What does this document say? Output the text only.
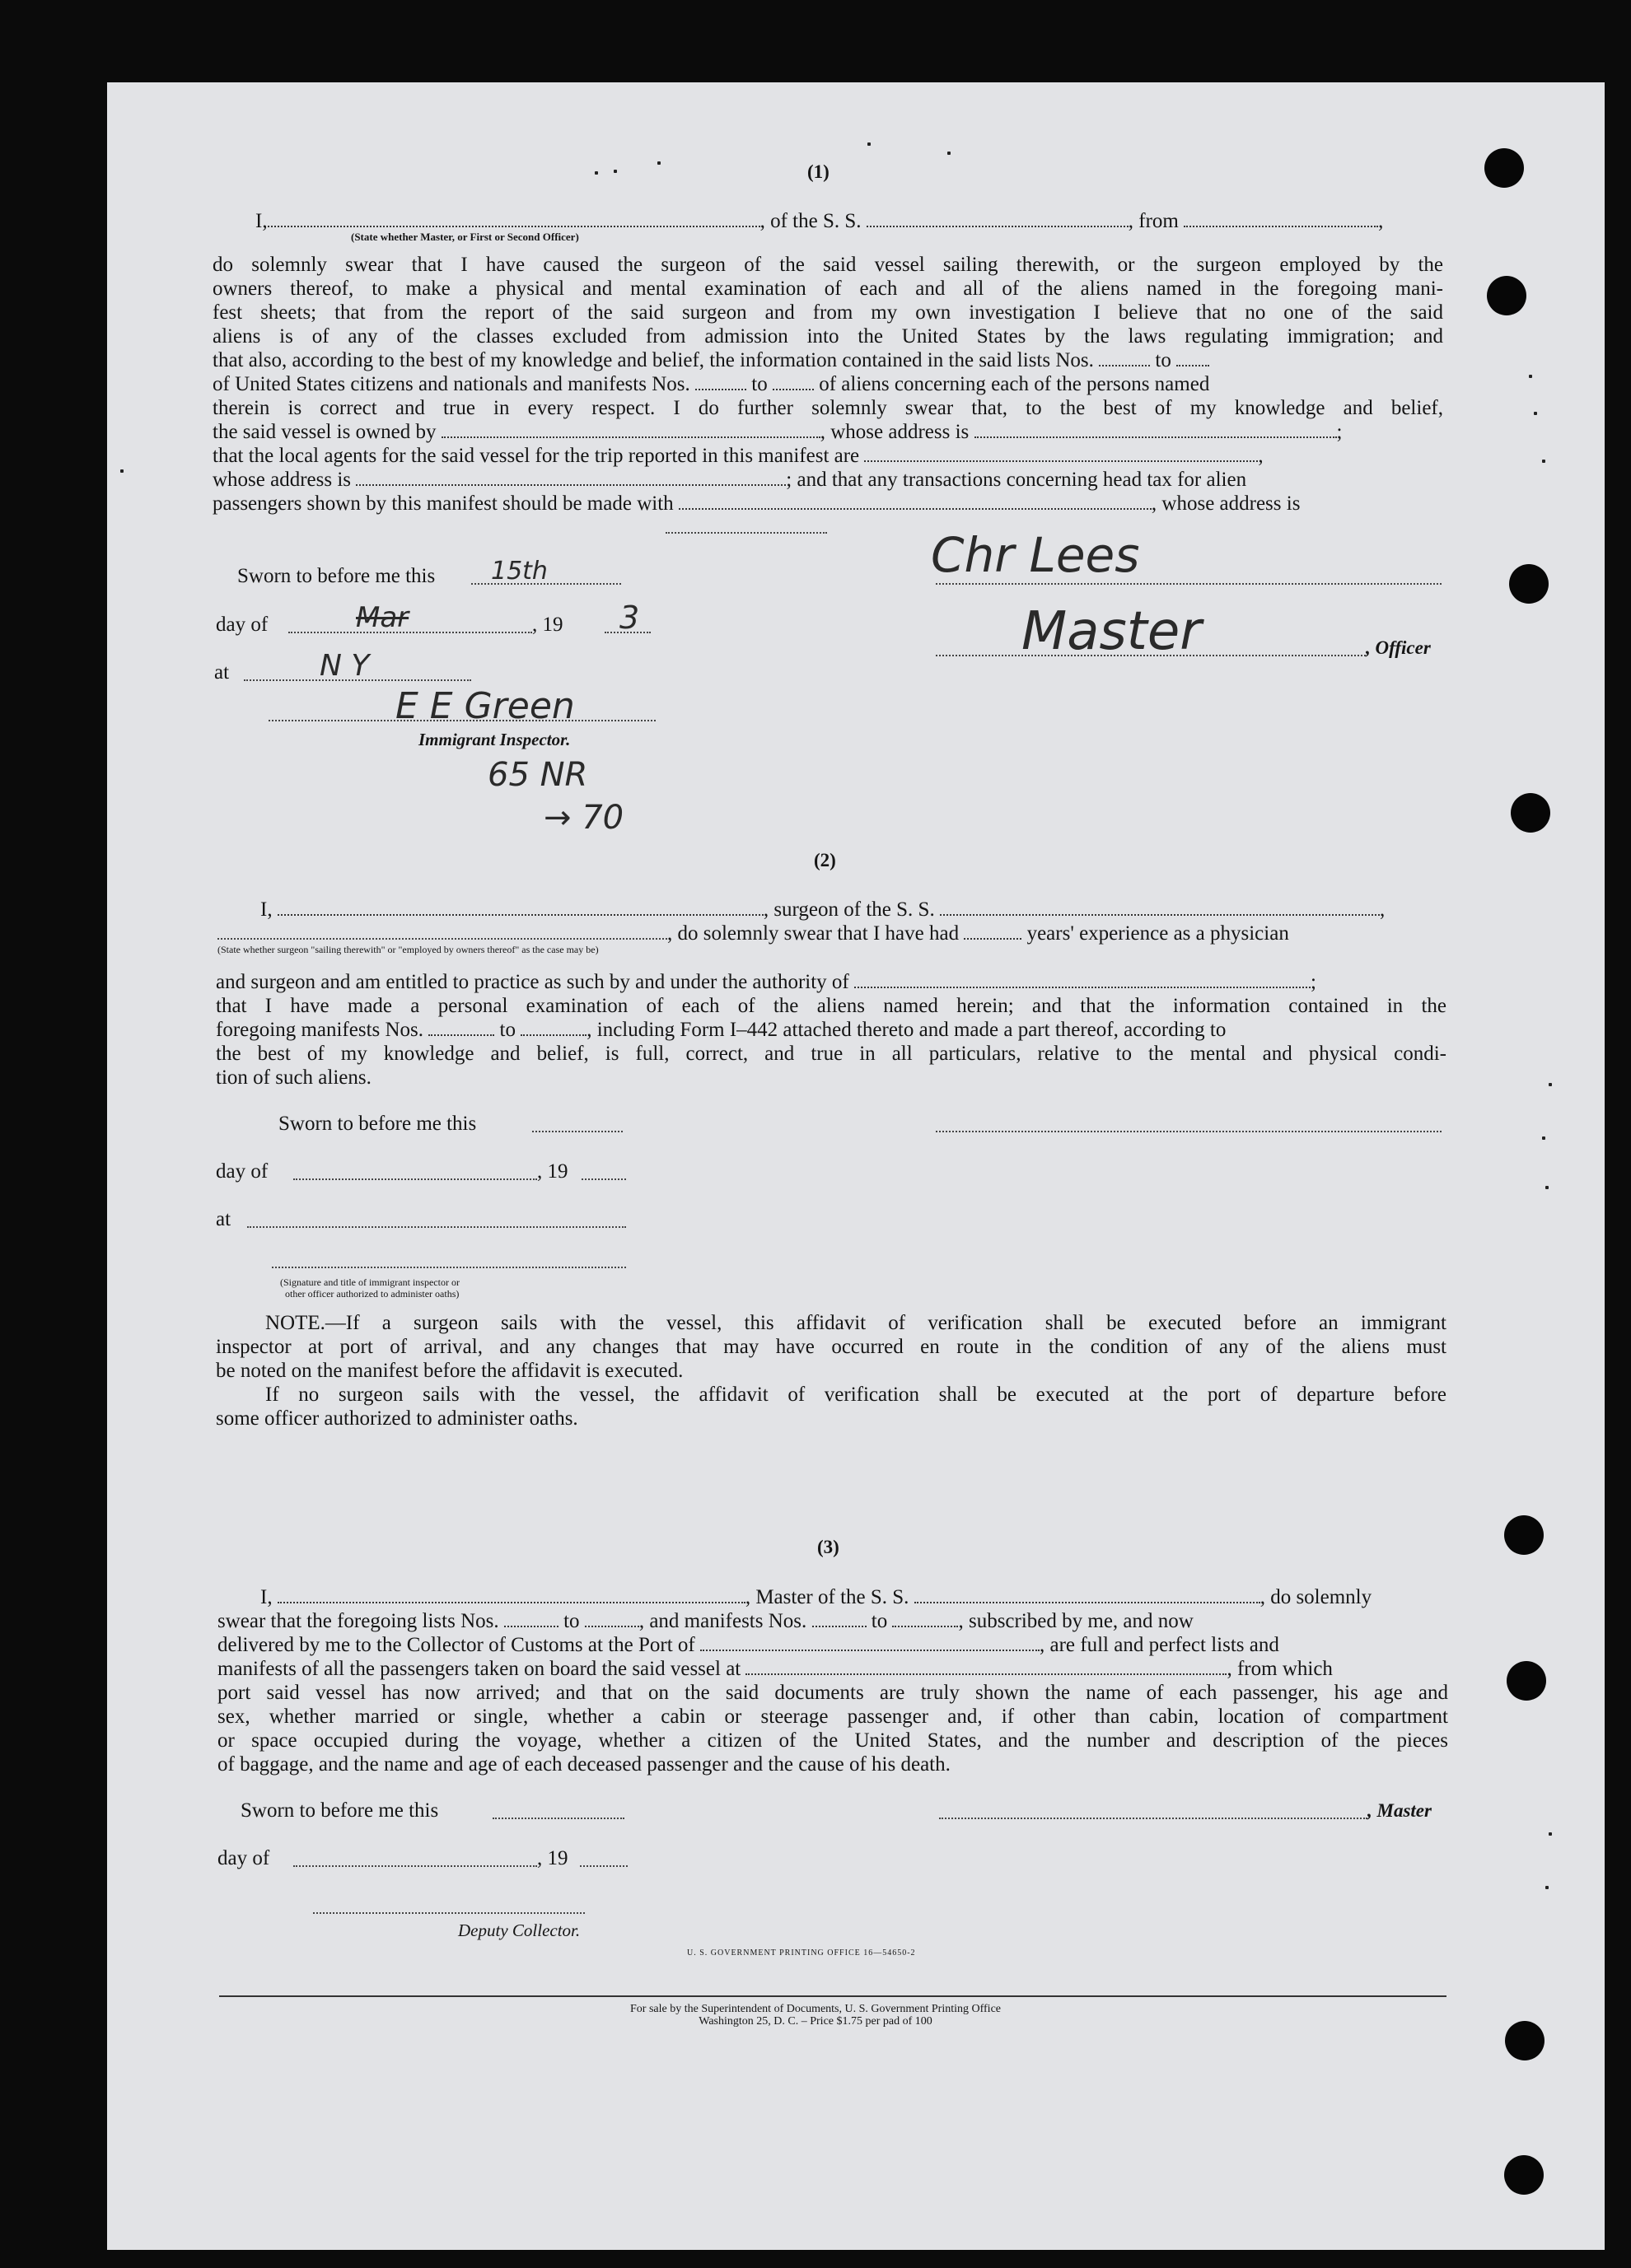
(1)
I,	, of the S. S.	, from	,
(State whether Master, or First or Second Officer)
do solemnly swear that I have caused the surgeon of the said vessel sailing therewith, or the surgeon employed by the
owners thereof, to make a physical and mental examination of each and all of the aliens named in the foregoing mani-
fest sheets; that from the report of the said surgeon and from my own investigation I believe that no one of the said
aliens is of any of the classes excluded from admission into the United States by the laws regulating immigration; and
that also, according to the best of my knowledge and belief, the information contained in the said lists Nos.	to
of United States citizens and nationals and manifests Nos.	to	of aliens concerning each of the persons named
therein is correct and true in every respect. I do further solemnly swear that, to the best of my knowledge and belief,
the said vessel is owned by	, whose address is	;
that the local agents for the said vessel for the trip reported in this manifest are	,
whose address is	; and that any transactions concerning head tax for alien
passengers shown by this manifest should be made with	, whose address is
Sworn to before me this
day of	, 19
at
Immigrant Inspector.
, Officer
15th
Mar	3
N Y
E E Green
Chr Lees
Master
65 NR
→ 70
(2)
I,	, surgeon of the S. S.	,
, do solemnly swear that I have had	years' experience as a physician
(State whether surgeon "sailing therewith" or "employed by owners thereof" as the case may be)
and surgeon and am entitled to practice as such by and under the authority of	;
that I have made a personal examination of each of the aliens named herein; and that the information contained in the
foregoing manifests Nos.	to	, including Form I–442 attached thereto and made a part thereof, according to
the best of my knowledge and belief, is full, correct, and true in all particulars, relative to the mental and physical condi-
tion of such aliens.
Sworn to before me this
day of	, 19
at
(Signature and title of immigrant inspector or
other officer authorized to administer oaths)
NOTE.—If a surgeon sails with the vessel, this affidavit of verification shall be executed before an immigrant
inspector at port of arrival, and any changes that may have occurred en route in the condition of any of the aliens must
be noted on the manifest before the affidavit is executed.
If no surgeon sails with the vessel, the affidavit of verification shall be executed at the port of departure before
some officer authorized to administer oaths.
(3)
I,	, Master of the S. S.	, do solemnly
swear that the foregoing lists Nos.	to	, and manifests Nos.	to	, subscribed by me, and now
delivered by me to the Collector of Customs at the Port of	, are full and perfect lists and
manifests of all the passengers taken on board the said vessel at	, from which
port said vessel has now arrived; and that on the said documents are truly shown the name of each passenger, his age and
sex, whether married or single, whether a cabin or steerage passenger and, if other than cabin, location of compartment
or space occupied during the voyage, whether a citizen of the United States, and the number and description of the pieces
of baggage, and the name and age of each deceased passenger and the cause of his death.
Sworn to before me this	, Master
day of	, 19
Deputy Collector.
U. S. GOVERNMENT PRINTING OFFICE 16—54650-2
For sale by the Superintendent of Documents, U. S. Government Printing Office
Washington 25, D. C. – Price $1.75 per pad of 100
